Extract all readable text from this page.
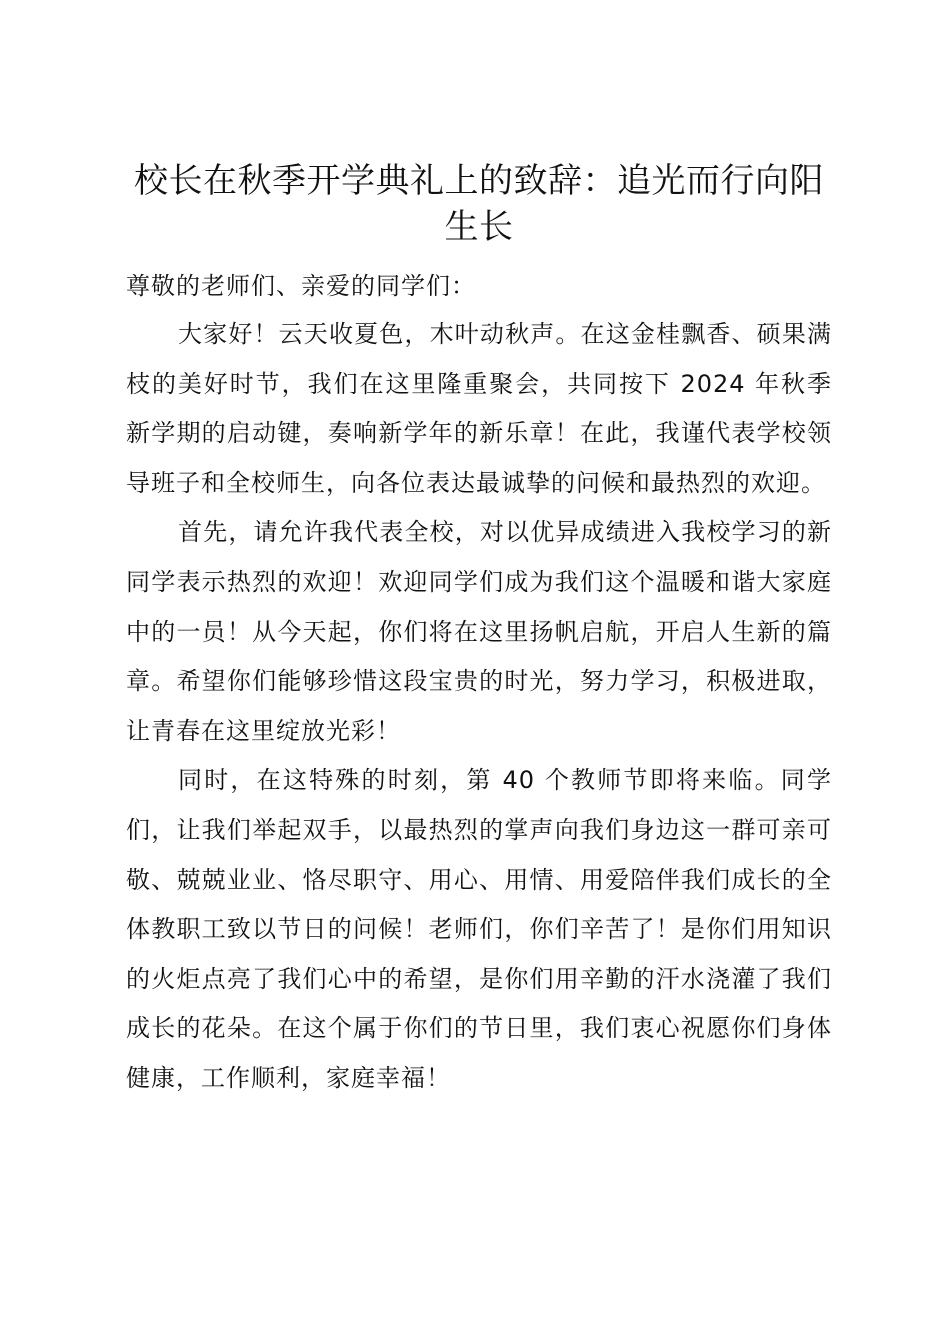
校长在秋季开学典礼上的致辞：追光而行向阳生长

尊敬的老师们、亲爱的同学们：

大家好！云天收夏色，木叶动秋声。在这金桂飘香、硕果满枝的美好时节，我们在这里隆重聚会，共同按下 2024 年秋季新学期的启动键，奏响新学年的新乐章！在此，我谨代表学校领导班子和全校师生，向各位表达最诚挚的问候和最热烈的欢迎。

首先，请允许我代表全校，对以优异成绩进入我校学习的新同学表示热烈的欢迎！欢迎同学们成为我们这个温暖和谐大家庭中的一员！从今天起，你们将在这里扬帆启航，开启人生新的篇章。希望你们能够珍惜这段宝贵的时光，努力学习，积极进取，让青春在这里绽放光彩！

同时，在这特殊的时刻，第 40 个教师节即将来临。同学们，让我们举起双手，以最热烈的掌声向我们身边这一群可亲可敬、兢兢业业、恪尽职守、用心、用情、用爱陪伴我们成长的全体教职工致以节日的问候！老师们，你们辛苦了！是你们用知识的火炬点亮了我们心中的希望，是你们用辛勤的汗水浇灌了我们成长的花朵。在这个属于你们的节日里，我们衷心祝愿你们身体健康，工作顺利，家庭幸福！
